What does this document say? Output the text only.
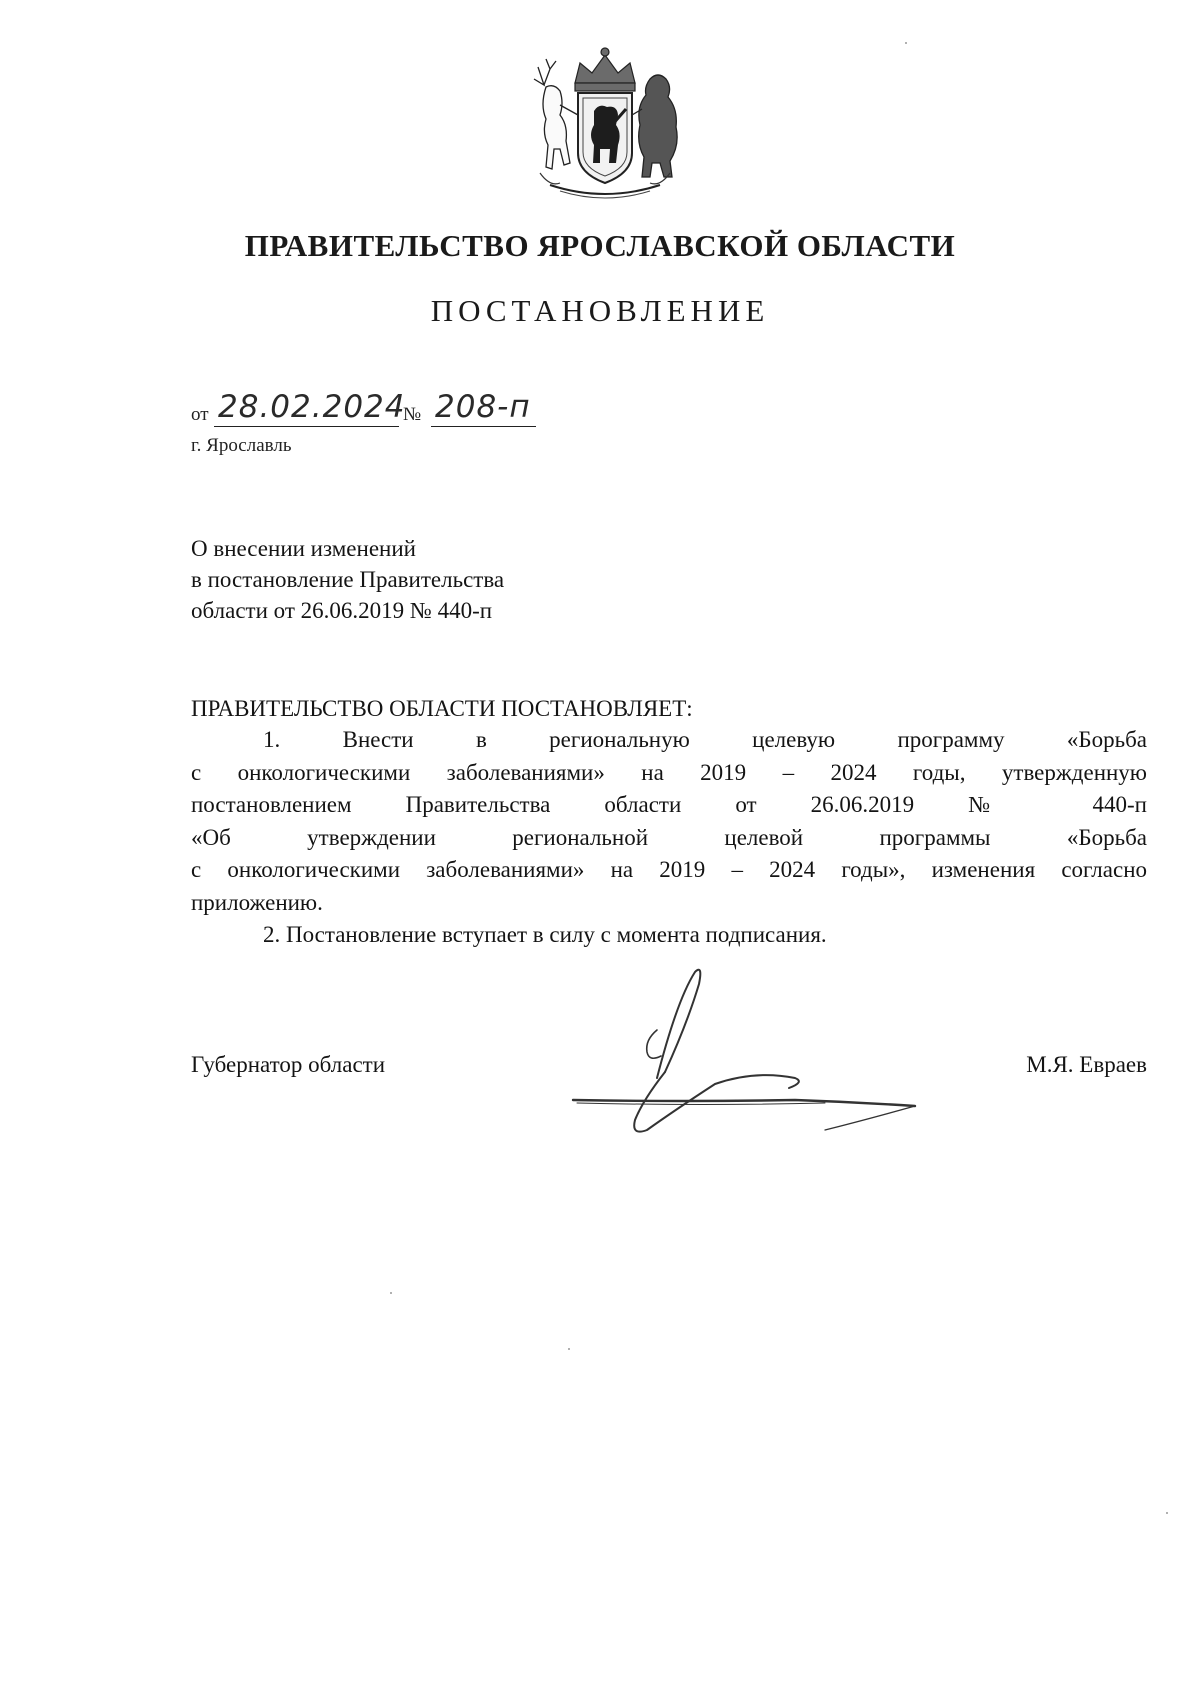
ПРАВИТЕЛЬСТВО ЯРОСЛАВСКОЙ ОБЛАСТИ
ПОСТАНОВЛЕНИЕ
от 28.02.2024
№ 208-п
г. Ярославль
О внесении изменений
в постановление Правительства
области от 26.06.2019 № 440-п
ПРАВИТЕЛЬСТВО ОБЛАСТИ ПОСТАНОВЛЯЕТ:
1. Внести в региональную целевую программу «Борьба
с онкологическими заболеваниями» на 2019 – 2024 годы, утвержденную
постановлением Правительства области от 26.06.2019 № 440-п
«Об утверждении региональной целевой программы «Борьба
с онкологическими заболеваниями» на 2019 – 2024 годы», изменения согласно
приложению.
2. Постановление вступает в силу с момента подписания.
Губернатор области	М.Я. Евраев
